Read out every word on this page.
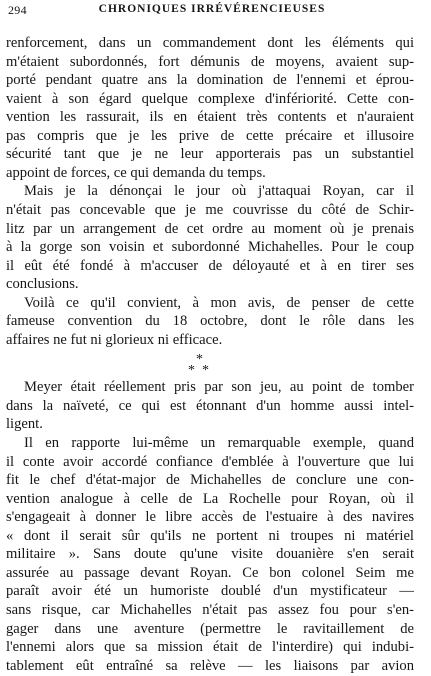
294	CHRONIQUES IRRÉVÉRENCIEUSES
renforcement, dans un commandement dont les éléments qui
m'étaient subordonnés, fort démunis de moyens, avaient sup-
porté pendant quatre ans la domination de l'ennemi et éprou-
vaient à son égard quelque complexe d'infériorité. Cette con-
vention les rassurait, ils en étaient très contents et n'auraient
pas compris que je les prive de cette précaire et illusoire
sécurité tant que je ne leur apporterais pas un substantiel
appoint de forces, ce qui demanda du temps.
Mais je la dénonçai le jour où j'attaquai Royan, car il
n'était pas concevable que je me couvrisse du côté de Schir-
litz par un arrangement de cet ordre au moment où je prenais
à la gorge son voisin et subordonné Michahelles. Pour le coup
il eût été fondé à m'accuser de déloyauté et à en tirer ses
conclusions.
Voilà ce qu'il convient, à mon avis, de penser de cette
fameuse convention du 18 octobre, dont le rôle dans les
affaires ne fut ni glorieux ni efficace.
*
* *
Meyer était réellement pris par son jeu, au point de tomber
dans la naïveté, ce qui est étonnant d'un homme aussi intel-
ligent.
Il en rapporte lui-même un remarquable exemple, quand
il conte avoir accordé confiance d'emblée à l'ouverture que lui
fit le chef d'état-major de Michahelles de conclure une con-
vention analogue à celle de La Rochelle pour Royan, où il
s'engageait à donner le libre accès de l'estuaire à des navires
« dont il serait sûr qu'ils ne portent ni troupes ni matériel
militaire ». Sans doute qu'une visite douanière s'en serait
assurée au passage devant Royan. Ce bon colonel Seim me
paraît avoir été un humoriste doublé d'un mystificateur —
sans risque, car Michahelles n'était pas assez fou pour s'en-
gager dans une aventure (permettre le ravitaillement de
l'ennemi alors que sa mission était de l'interdire) qui indubi-
tablement eût entraîné sa relève — les liaisons par avion
